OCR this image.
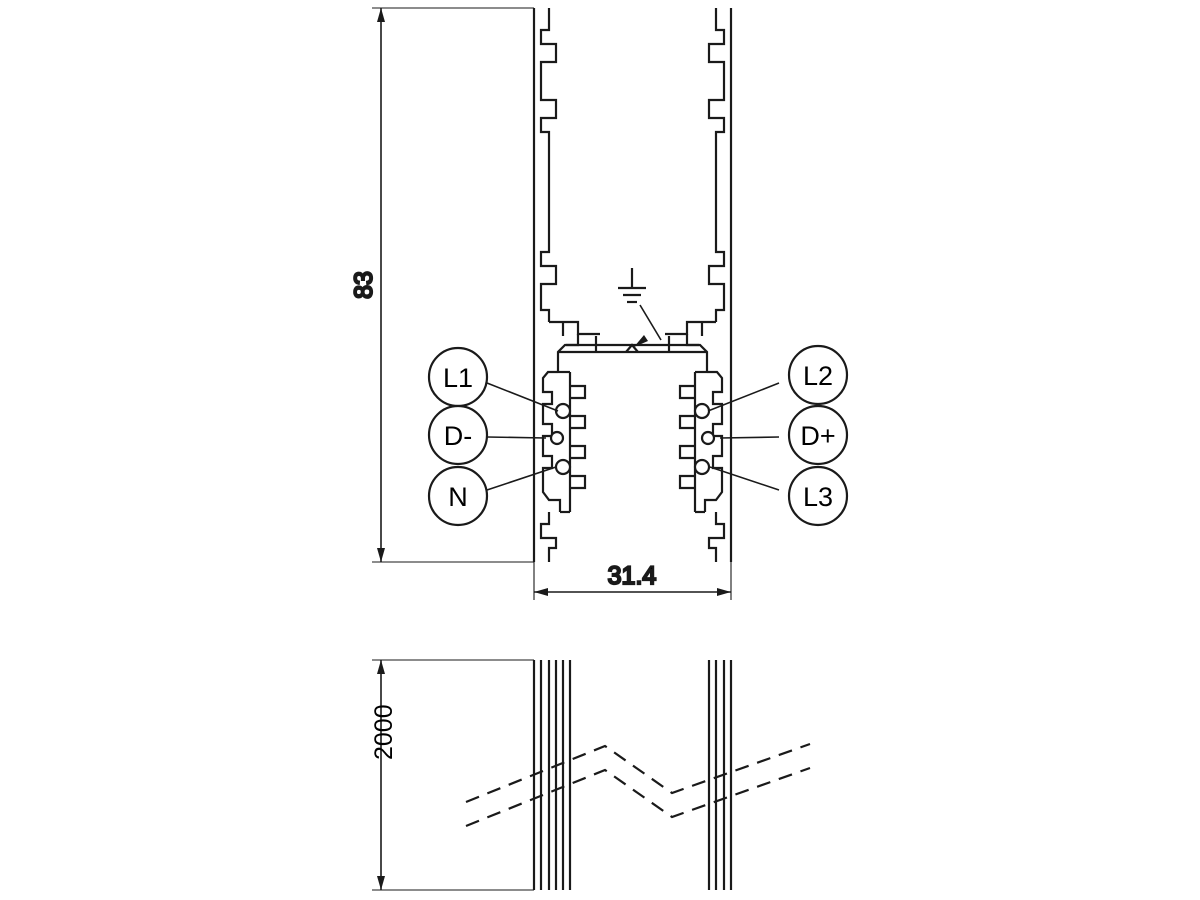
83
31.4
L1
D-
N
L2
D+
L3
2000
